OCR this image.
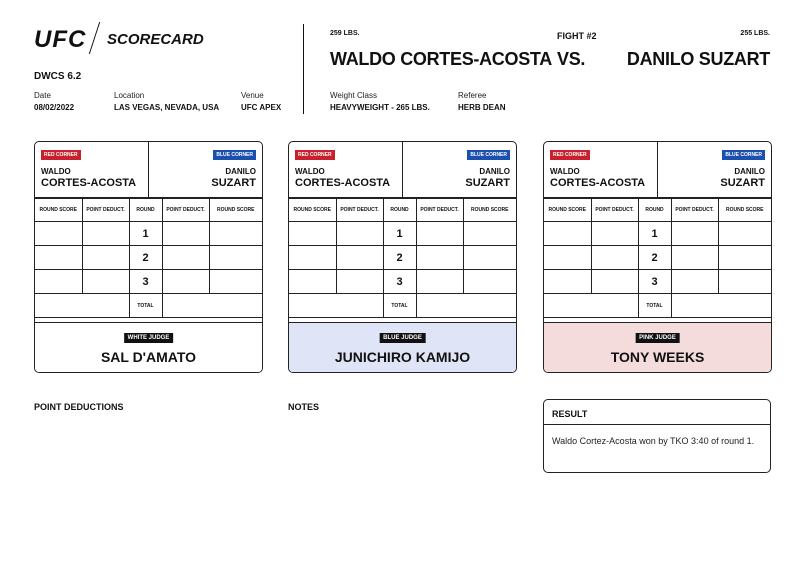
UFC SCORECARD
DWCS 6.2
Date
08/02/2022
Location
LAS VEGAS, NEVADA, USA
Venue
UFC APEX
259 LBS.
WALDO CORTES-ACOSTA
FIGHT #2
VS.
255 LBS.
DANILO SUZART
Weight Class
HEAVYWEIGHT - 265 LBS.
Referee
HERB DEAN
RED CORNER	BLUE CORNER
WALDO
CORTES-ACOSTA
DANILO
SUZART
ROUND SCORE	POINT DEDUCT.	ROUND	POINT DEDUCT.	ROUND SCORE
		1		
		2		
		3		
		TOTAL		
WHITE JUDGE
SAL D'AMATO
RED CORNER	BLUE CORNER
WALDO
CORTES-ACOSTA
DANILO
SUZART
ROUND SCORE	POINT DEDUCT.	ROUND	POINT DEDUCT.	ROUND SCORE
		1		
		2		
		3		
		TOTAL		
BLUE JUDGE
JUNICHIRO KAMIJO
RED CORNER	BLUE CORNER
WALDO
CORTES-ACOSTA
DANILO
SUZART
ROUND SCORE	POINT DEDUCT.	ROUND	POINT DEDUCT.	ROUND SCORE
		1		
		2		
		3		
		TOTAL		
PINK JUDGE
TONY WEEKS
POINT DEDUCTIONS	NOTES
RESULT
Waldo Cortez-Acosta won by TKO 3:40 of round 1.
